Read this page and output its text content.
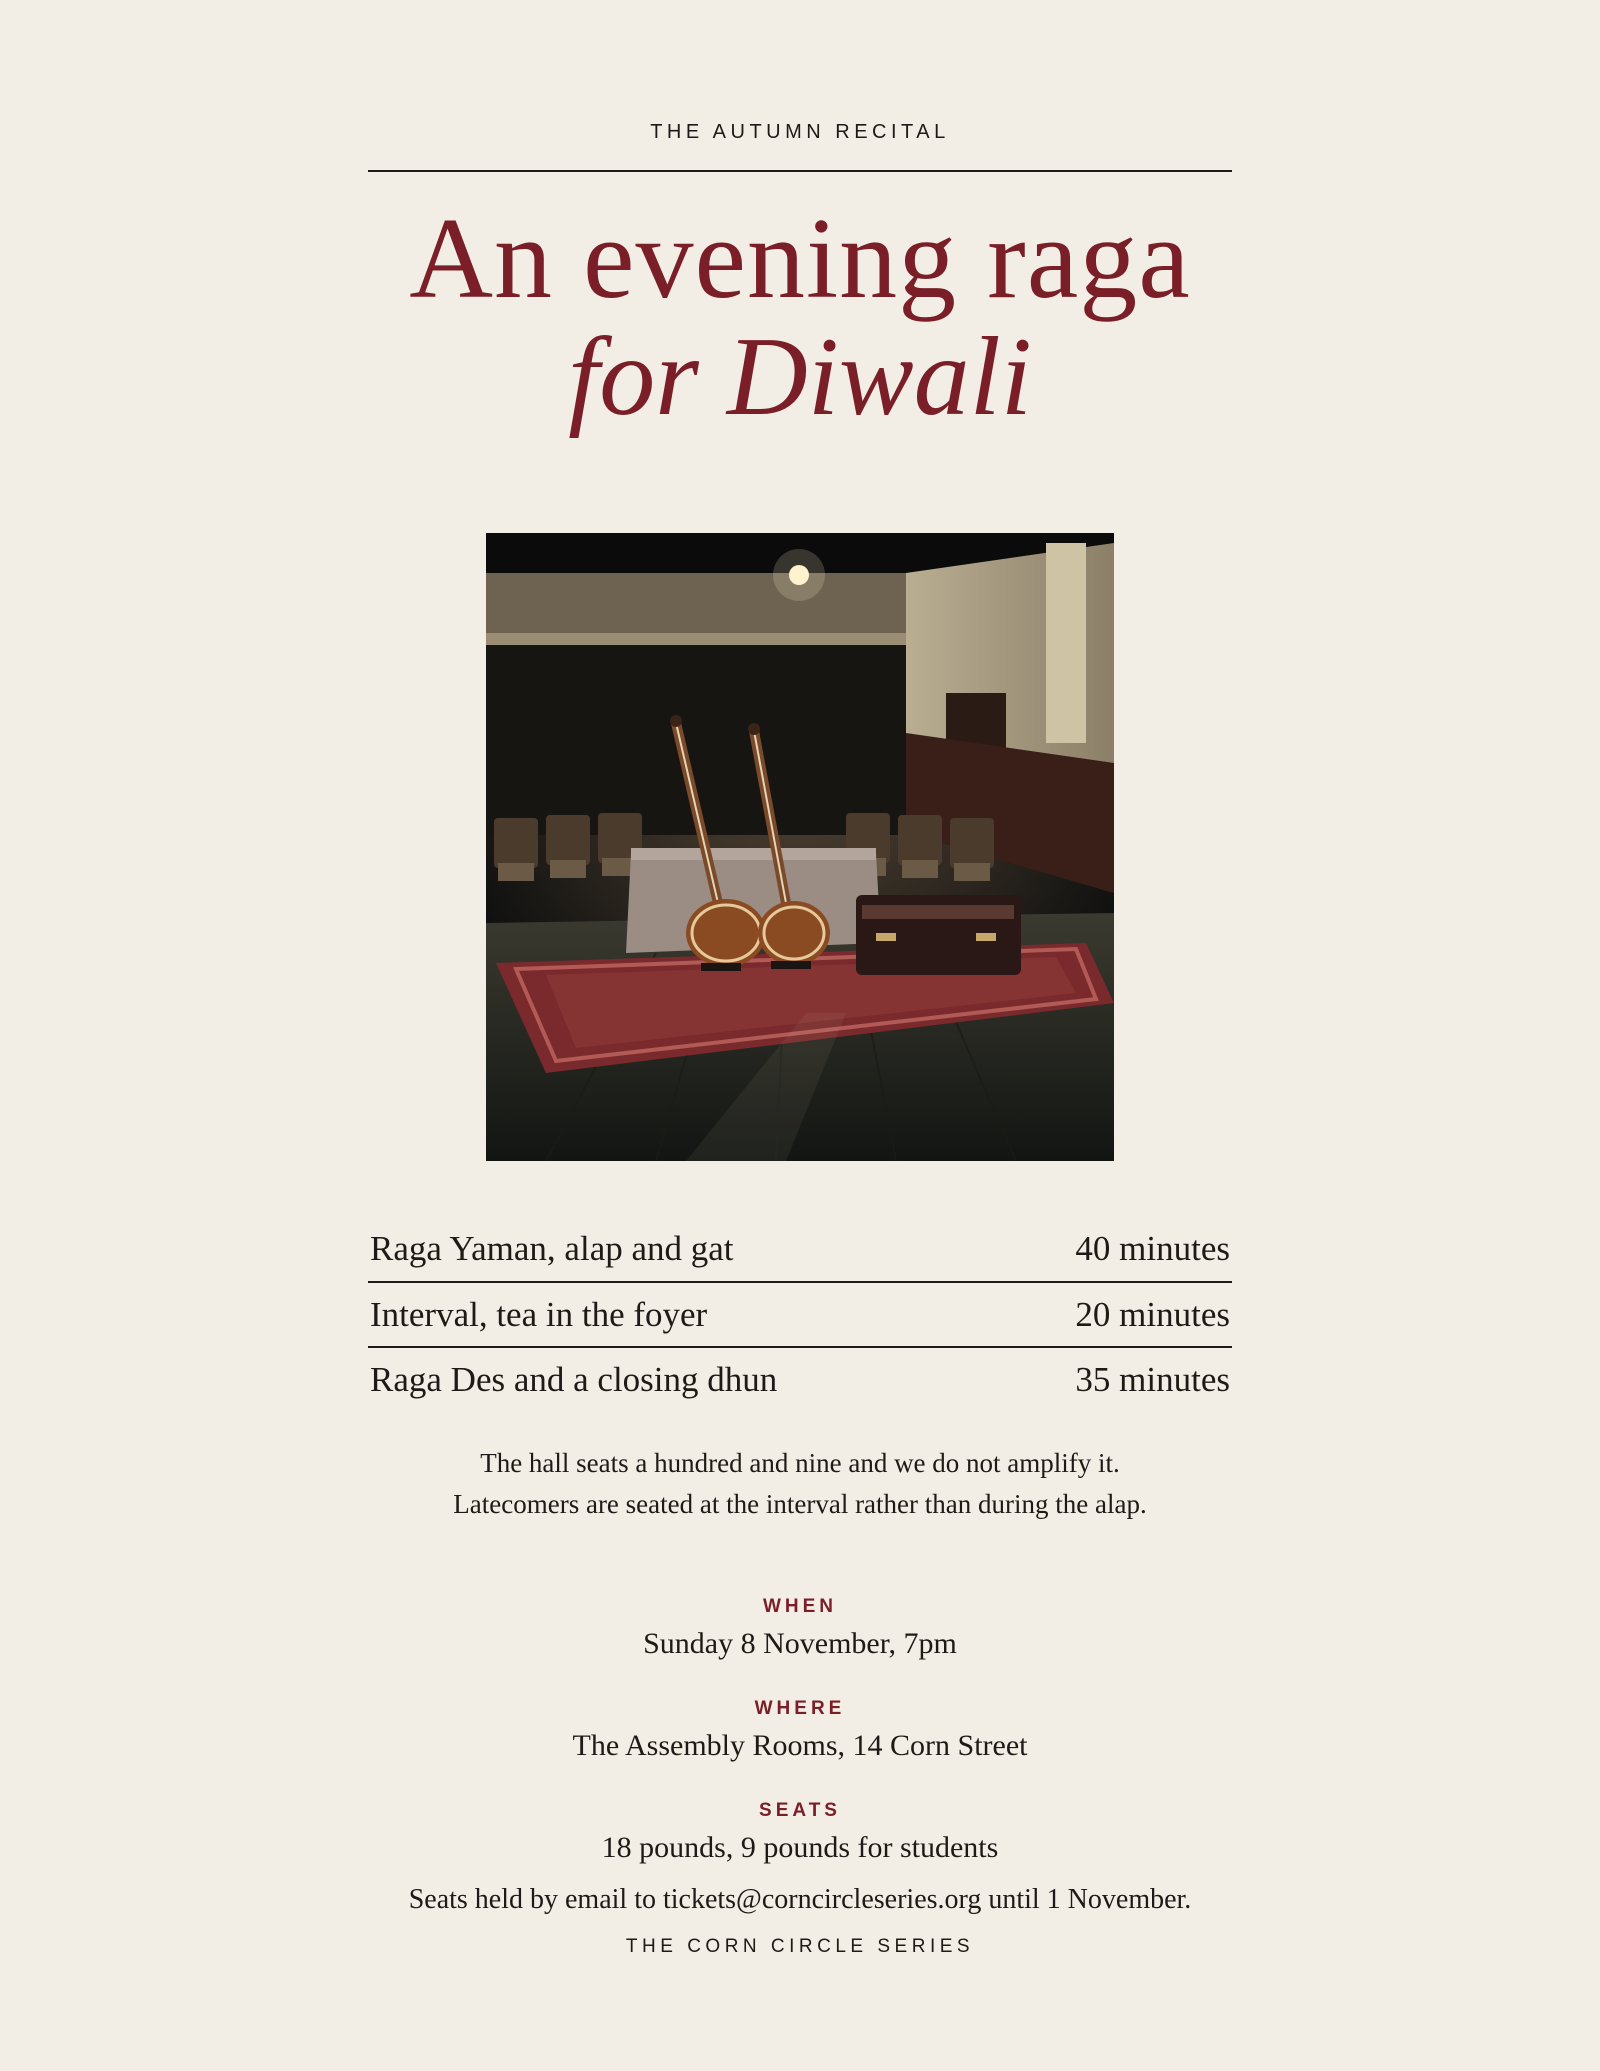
THE AUTUMN RECITAL
An evening raga
for Diwali
Raga Yaman, alap and gat	40 minutes
Interval, tea in the foyer	20 minutes
Raga Des and a closing dhun	35 minutes
The hall seats a hundred and nine and we do not amplify it. Latecomers are seated at the interval rather than during the alap.
WHEN
Sunday 8 November, 7pm
WHERE
The Assembly Rooms, 14 Corn Street
SEATS
18 pounds, 9 pounds for students
Seats held by email to tickets@corncircleseries.org until 1 November.
THE CORN CIRCLE SERIES
